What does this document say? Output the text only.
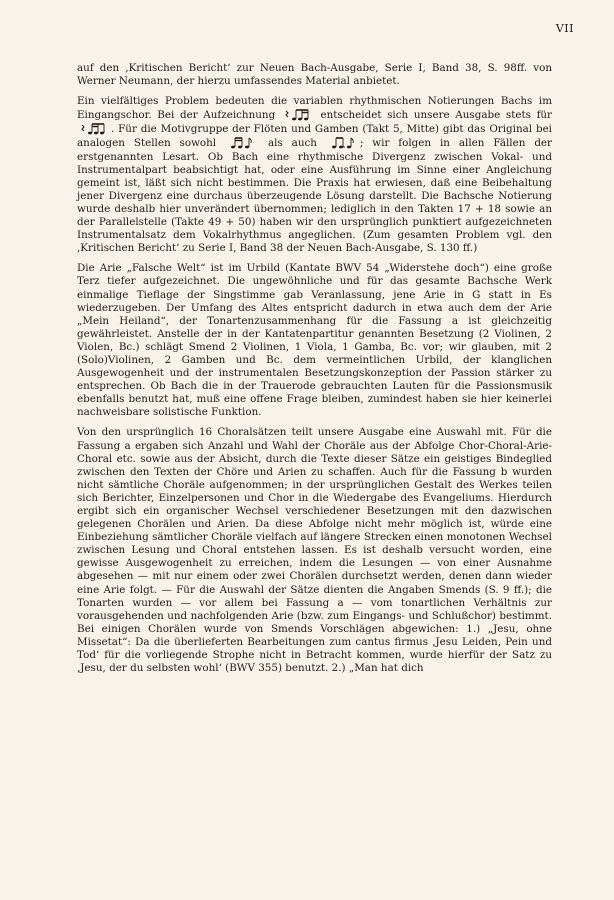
VII

auf den ‚Kritischen Bericht‘ zur Neuen Bach-Ausgabe, Serie I, Band 38, S. 98ff. von Werner Neumann, der hierzu umfassendes Material anbietet.

Ein vielfältiges Problem bedeuten die variablen rhythmischen Notierungen Bachs im Eingangschor. Bei der Aufzeichnung	entscheidet sich unsere Ausgabe stets für
. Für die Motivgruppe der Flöten und Gamben (Takt 5, Mitte) gibt das Original bei analogen Stellen sowohl	als auch	; wir folgen in allen Fällen der erstgenannten Lesart. Ob Bach eine rhythmische Divergenz zwischen Vokal- und Instrumentalpart beabsichtigt hat, oder eine Ausführung im Sinne einer Angleichung gemeint ist, läßt sich nicht bestimmen. Die Praxis hat erwiesen, daß eine Beibehaltung jener Divergenz eine durchaus überzeugende Lösung darstellt. Die Bachsche Notierung wurde deshalb hier unverändert übernommen; lediglich in den Takten 17 + 18 sowie an der Parallelstelle (Takte 49 + 50) haben wir den ursprünglich punktiert aufgezeichneten Instrumentalsatz dem Vokalrhythmus angeglichen. (Zum gesamten Problem vgl. den ‚Kritischen Bericht‘ zu Serie I, Band 38 der Neuen Bach-Ausgabe, S. 130 ff.)

Die Arie „Falsche Welt“ ist im Urbild (Kantate BWV 54 „Widerstehe doch“) eine große Terz tiefer aufgezeichnet. Die ungewöhnliche und für das gesamte Bachsche Werk einmalige Tieflage der Singstimme gab Veranlassung, jene Arie in G statt in Es wiederzugeben. Der Umfang des Altes entspricht dadurch in etwa auch dem der Arie „Mein Heiland“, der Tonartenzusammenhang für die Fassung a ist gleichzeitig gewährleistet. Anstelle der in der Kantatenpartitur genannten Besetzung (2 Violinen, 2 Violen, Bc.) schlägt Smend 2 Violinen, 1 Viola, 1 Gamba, Bc. vor; wir glauben, mit 2 (Solo)Violinen, 2 Gamben und Bc. dem vermeintlichen Urbild, der klanglichen Ausgewogenheit und der instrumentalen Besetzungskonzeption der Passion stärker zu entsprechen. Ob Bach die in der Trauerode gebrauchten Lauten für die Passionsmusik ebenfalls benutzt hat, muß eine offene Frage bleiben, zumindest haben sie hier keinerlei nachweisbare solistische Funktion.

Von den ursprünglich 16 Choralsätzen teilt unsere Ausgabe eine Auswahl mit. Für die Fassung a ergaben sich Anzahl und Wahl der Choräle aus der Abfolge Chor-Choral-Arie-Choral etc. sowie aus der Absicht, durch die Texte dieser Sätze ein geistiges Bindeglied zwischen den Texten der Chöre und Arien zu schaffen. Auch für die Fassung b wurden nicht sämtliche Choräle aufgenommen; in der ursprünglichen Gestalt des Werkes teilen sich Berichter, Einzelpersonen und Chor in die Wiedergabe des Evangeliums. Hierdurch ergibt sich ein organischer Wechsel verschiedener Besetzungen mit den dazwischen gelegenen Chorälen und Arien. Da diese Abfolge nicht mehr möglich ist, würde eine Einbeziehung sämtlicher Choräle vielfach auf längere Strecken einen monotonen Wechsel zwischen Lesung und Choral entstehen lassen. Es ist deshalb versucht worden, eine gewisse Ausgewogenheit zu erreichen, indem die Lesungen — von einer Ausnahme abgesehen — mit nur einem oder zwei Chorälen durchsetzt werden, denen dann wieder eine Arie folgt. — Für die Auswahl der Sätze dienten die Angaben Smends (S. 9 ff.); die Tonarten wurden — vor allem bei Fassung a — vom tonartlichen Verhältnis zur vorausgehenden und nachfolgenden Arie (bzw. zum Eingangs- und Schlußchor) bestimmt. Bei einigen Chorälen wurde von Smends Vorschlägen abgewichen: 1.) „Jesu, ohne Missetat“: Da die überlieferten Bearbeitungen zum cantus firmus ‚Jesu Leiden, Pein und Tod‘ für die vorliegende Strophe nicht in Betracht kommen, wurde hierfür der Satz zu ‚Jesu, der du selbsten wohl‘ (BWV 355) benutzt. 2.) „Man hat dich
